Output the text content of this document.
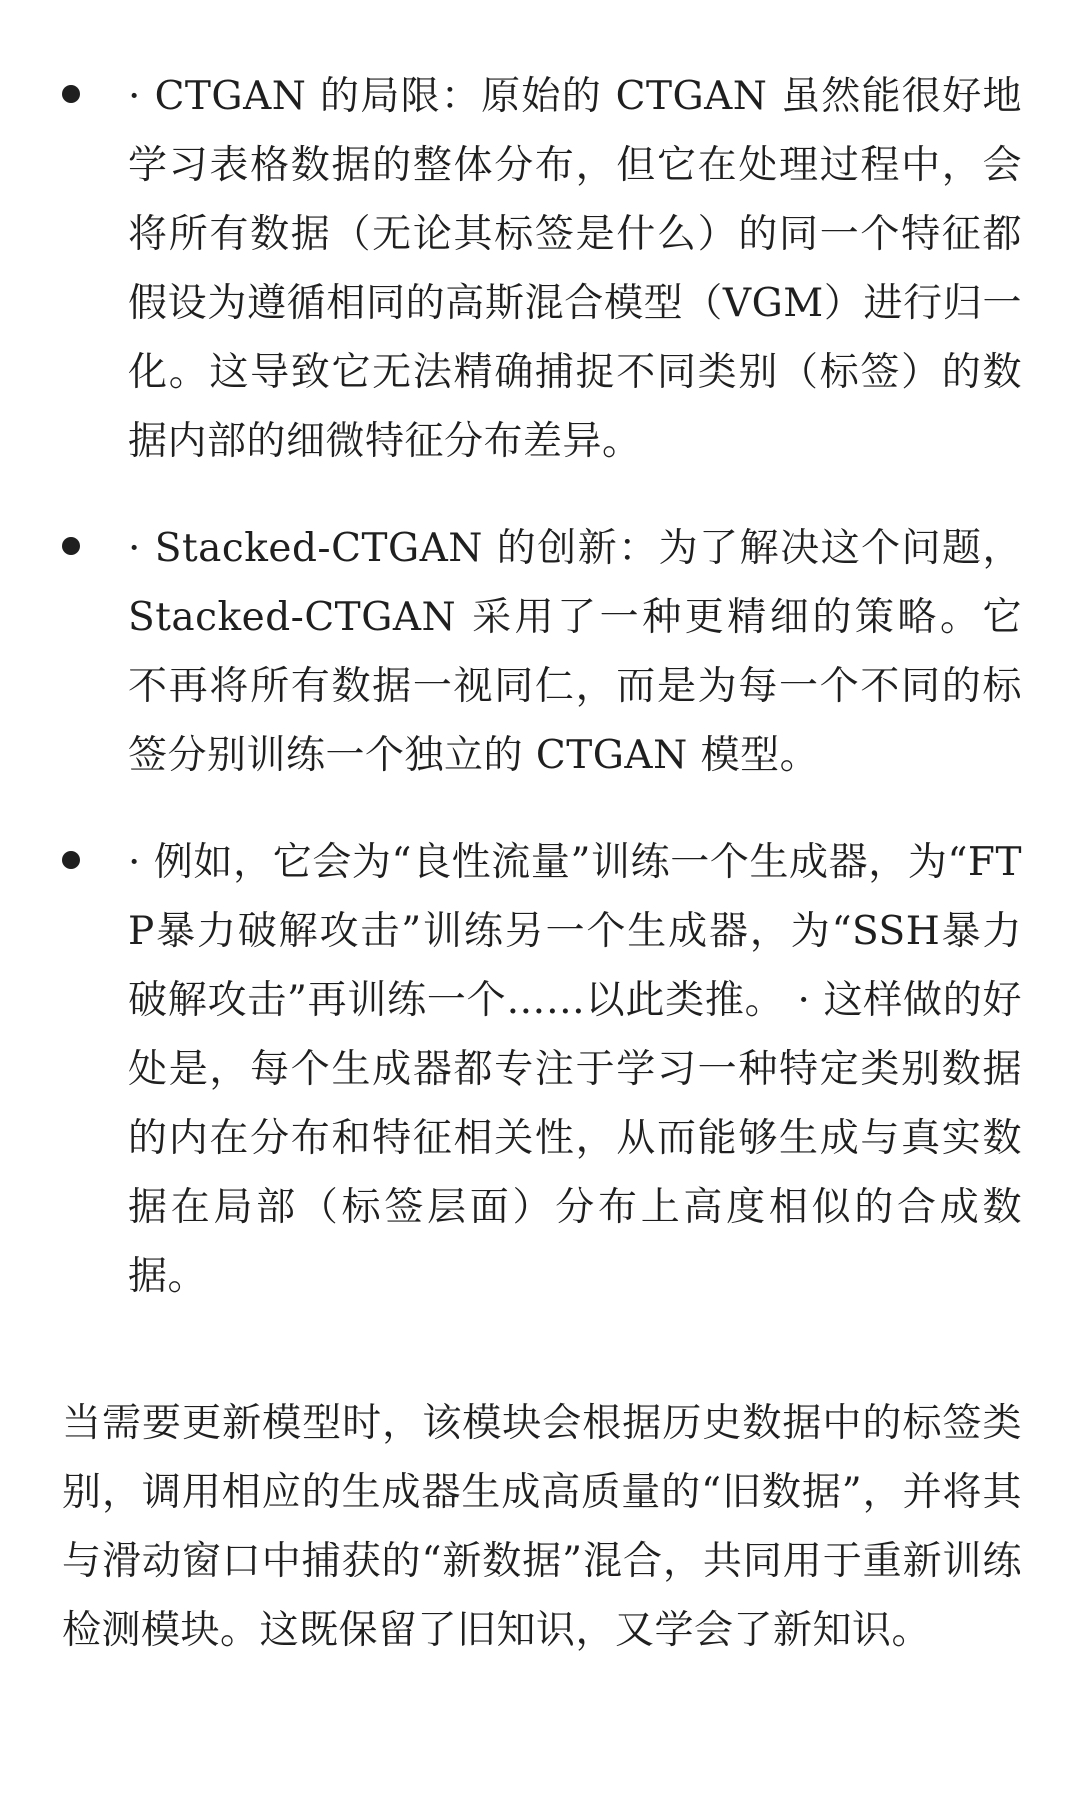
· CTGAN 的局限：原始的 CTGAN 虽然能很好地学习表格数据的整体分布，但它在处理过程中，会将所有数据（无论其标签是什么）的同一个特征都假设为遵循相同的高斯混合模型（VGM）进行归一化。这导致它无法精确捕捉不同类别（标签）的数据内部的细微特征分布差异。

· Stacked-CTGAN 的创新：为了解决这个问题，Stacked-CTGAN 采用了一种更精细的策略。它不再将所有数据一视同仁，而是为每一个不同的标签分别训练一个独立的 CTGAN 模型。

· 例如，它会为“良性流量”训练一个生成器，为“FTP暴力破解攻击”训练另一个生成器，为“SSH暴力破解攻击”再训练一个……以此类推。 · 这样做的好处是，每个生成器都专注于学习一种特定类别数据的内在分布和特征相关性，从而能够生成与真实数据在局部（标签层面）分布上高度相似的合成数据。

当需要更新模型时，该模块会根据历史数据中的标签类别，调用相应的生成器生成高质量的“旧数据”，并将其与滑动窗口中捕获的“新数据”混合，共同用于重新训练检测模块。这既保留了旧知识，又学会了新知识。
